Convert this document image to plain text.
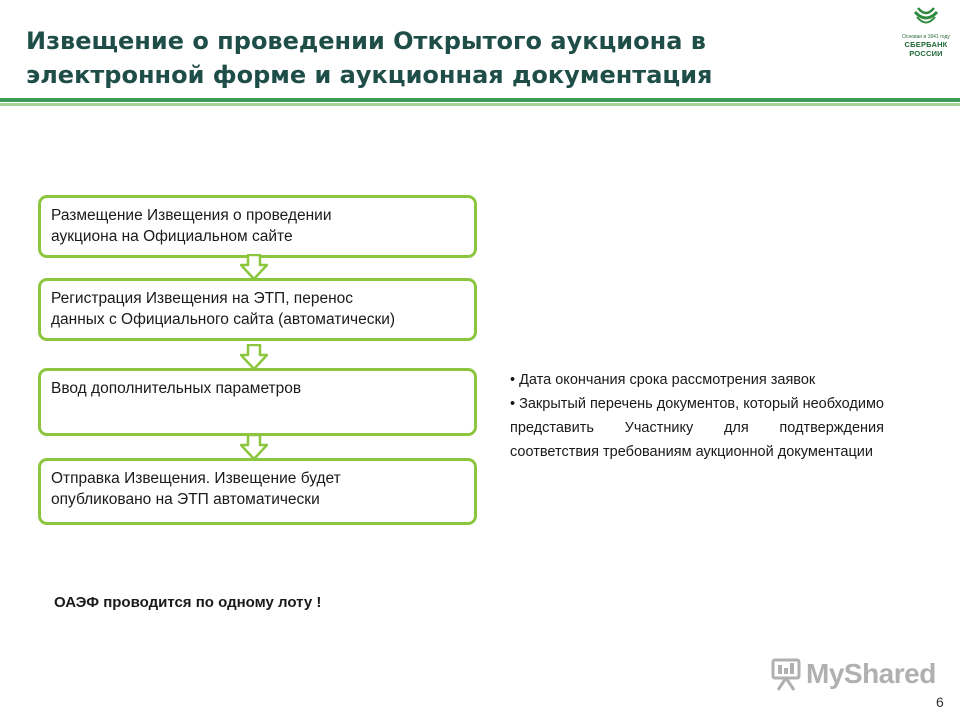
Извещение о проведении Открытого аукциона в
электронной форме и аукционная документация
Основан в 1841 году
СБЕРБАНК
РОССИИ
Размещение Извещения о проведении
аукциона на Официальном сайте
Регистрация Извещения на ЭТП, перенос
данных с Официального сайта (автоматически)
Ввод дополнительных параметров
Отправка Извещения. Извещение будет
опубликовано на ЭТП автоматически

• Дата окончания срока рассмотрения заявок

• Закрытый перечень документов, который необходимо представить Участнику для подтверждения соответствия требованиям аукционной документации

ОАЭФ проводится по одному лоту !
MyShared
6
